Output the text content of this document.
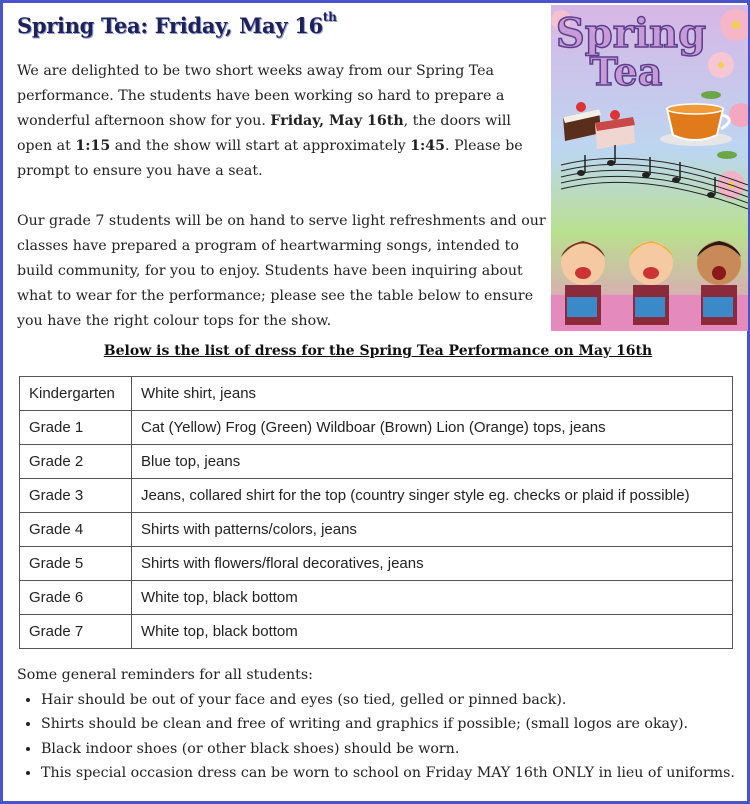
Spring Tea: Friday, May 16th

We are delighted to be two short weeks away from our Spring Tea performance. The students have been working so hard to prepare a wonderful afternoon show for you. Friday, May 16th, the doors will open at 1:15 and the show will start at approximately 1:45. Please be prompt to ensure you have a seat.

Our grade 7 students will be on hand to serve light refreshments and our classes have prepared a program of heartwarming songs, intended to build community, for you to enjoy. Students have been inquiring about what to wear for the performance; please see the table below to ensure you have the right colour tops for the show.

Spring
Tea
Below is the list of dress for the Spring Tea Performance on May 16th
Kindergarten	White shirt, jeans
Grade 1	Cat (Yellow) Frog (Green) Wildboar (Brown) Lion (Orange) tops, jeans
Grade 2	Blue top, jeans
Grade 3	Jeans, collared shirt for the top (country singer style eg. checks or plaid if possible)
Grade 4	Shirts with patterns/colors, jeans
Grade 5	Shirts with flowers/floral decoratives, jeans
Grade 6	White top, black bottom
Grade 7	White top, black bottom
Some general reminders for all students:
• Hair should be out of your face and eyes (so tied, gelled or pinned back).
• Shirts should be clean and free of writing and graphics if possible; (small logos are okay).
• Black indoor shoes (or other black shoes) should be worn.
• This special occasion dress can be worn to school on Friday MAY 16th ONLY in lieu of uniforms.
